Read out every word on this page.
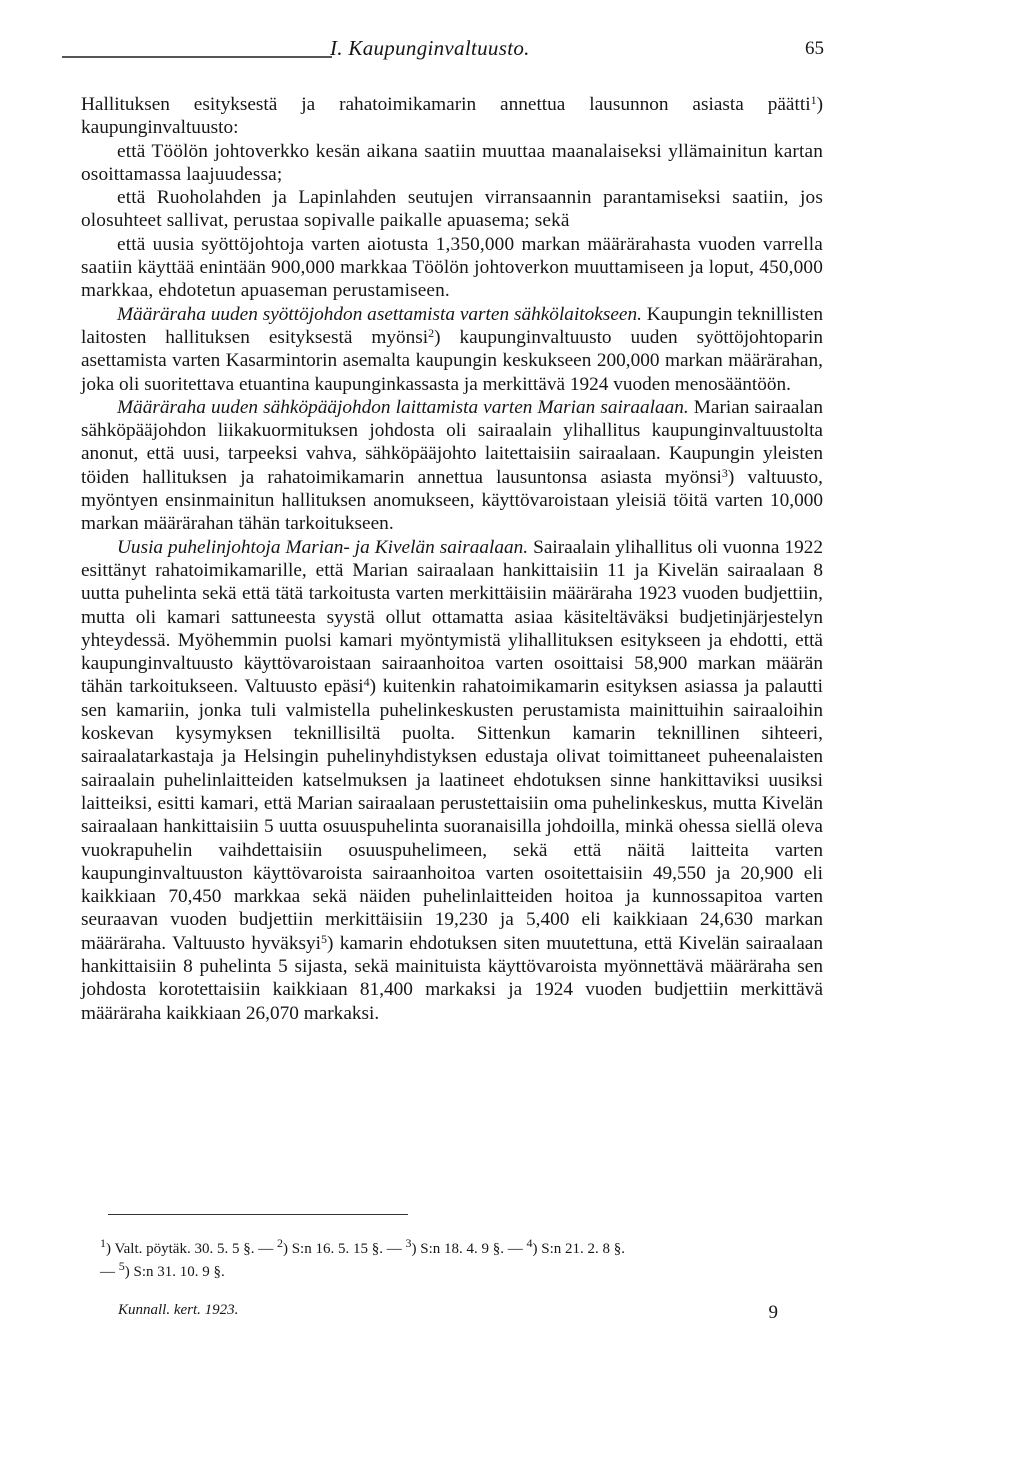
I. Kaupunginvaltuusto.	65

Hallituksen esityksestä ja rahatoimikamarin annettua lausunnon asiasta päätti$^1$) kaupunginvaltuusto:

että Töölön johtoverkko kesän aikana saatiin muuttaa maanalaiseksi yllämainitun kartan osoittamassa laajuudessa;

että Ruoholahden ja Lapinlahden seutujen virransaannin parantamiseksi saatiin, jos olosuhteet sallivat, perustaa sopivalle paikalle apuasema; sekä

että uusia syöttöjohtoja varten aiotusta 1,350,000 markan määrärahasta vuoden varrella saatiin käyttää enintään 900,000 markkaa Töölön johtoverkon muuttamiseen ja loput, 450,000 markkaa, ehdotetun apuaseman perustamiseen.

Määräraha uuden syöttöjohdon asettamista varten sähkölaitokseen. Kaupungin teknillisten laitosten hallituksen esityksestä myönsi$^2$) kaupunginvaltuusto uuden syöttöjohtoparin asettamista varten Kasarmintorin asemalta kaupungin keskukseen 200,000 markan määrärahan, joka oli suoritettava etuantina kaupunginkassasta ja merkittävä 1924 vuoden menosääntöön.

Määräraha uuden sähköpääjohdon laittamista varten Marian sairaalaan. Marian sairaalan sähköpääjohdon liikakuormituksen johdosta oli sairaalain ylihallitus kaupunginvaltuustolta anonut, että uusi, tarpeeksi vahva, sähköpääjohto laitettaisiin sairaalaan. Kaupungin yleisten töiden hallituksen ja rahatoimikamarin annettua lausuntonsa asiasta myönsi$^3$) valtuusto, myöntyen ensinmainitun hallituksen anomukseen, käyttövaroistaan yleisiä töitä varten 10,000 markan määrärahan tähän tarkoitukseen.

Uusia puhelinjohtoja Marian- ja Kivelän sairaalaan. Sairaalain ylihallitus oli vuonna 1922 esittänyt rahatoimikamarille, että Marian sairaalaan hankittaisiin 11 ja Kivelän sairaalaan 8 uutta puhelinta sekä että tätä tarkoitusta varten merkittäisiin määräraha 1923 vuoden budjettiin, mutta oli kamari sattuneesta syystä ollut ottamatta asiaa käsiteltäväksi budjetinjärjestelyn yhteydessä. Myöhemmin puolsi kamari myöntymistä ylihallituksen esitykseen ja ehdotti, että kaupunginvaltuusto käyttövaroistaan sairaanhoitoa varten osoittaisi 58,900 markan määrän tähän tarkoitukseen. Valtuusto epäsi$^4$) kuitenkin rahatoimikamarin esityksen asiassa ja palautti sen kamariin, jonka tuli valmistella puhelinkeskusten perustamista mainittuihin sairaaloihin koskevan kysymyksen teknillisiltä puolta. Sittenkun kamarin teknillinen sihteeri, sairaalatarkastaja ja Helsingin puhelinyhdistyksen edustaja olivat toimittaneet puheenalaisten sairaalain puhelinlaitteiden katselmuksen ja laatineet ehdotuksen sinne hankittaviksi uusiksi laitteiksi, esitti kamari, että Marian sairaalaan perustettaisiin oma puhelinkeskus, mutta Kivelän sairaalaan hankittaisiin 5 uutta osuuspuhelinta suoranaisilla johdoilla, minkä ohessa siellä oleva vuokrapuhelin vaihdettaisiin osuuspuhelimeen, sekä että näitä laitteita varten kaupunginvaltuuston käyttövaroista sairaanhoitoa varten osoitettaisiin 49,550 ja 20,900 eli kaikkiaan 70,450 markkaa sekä näiden puhelinlaitteiden hoitoa ja kunnossapitoa varten seuraavan vuoden budjettiin merkittäisiin 19,230 ja 5,400 eli kaikkiaan 24,630 markan määräraha. Valtuusto hyväksyi$^5$) kamarin ehdotuksen siten muutettuna, että Kivelän sairaalaan hankittaisiin 8 puhelinta 5 sijasta, sekä mainituista käyttövaroista myönnettävä määräraha sen johdosta korotettaisiin kaikkiaan 81,400 markaksi ja 1924 vuoden budjettiin merkittävä määräraha kaikkiaan 26,070 markaksi.

$^1$) Valt. pöytäk. 30. 5. 5 §. — $^2$) S:n 16. 5. 15 §. — $^3$) S:n 18. 4. 9 §. — $^4$) S:n 21. 2. 8 §.

— $^5$) S:n 31. 10. 9 §.

Kunnall. kert. 1923.	9
